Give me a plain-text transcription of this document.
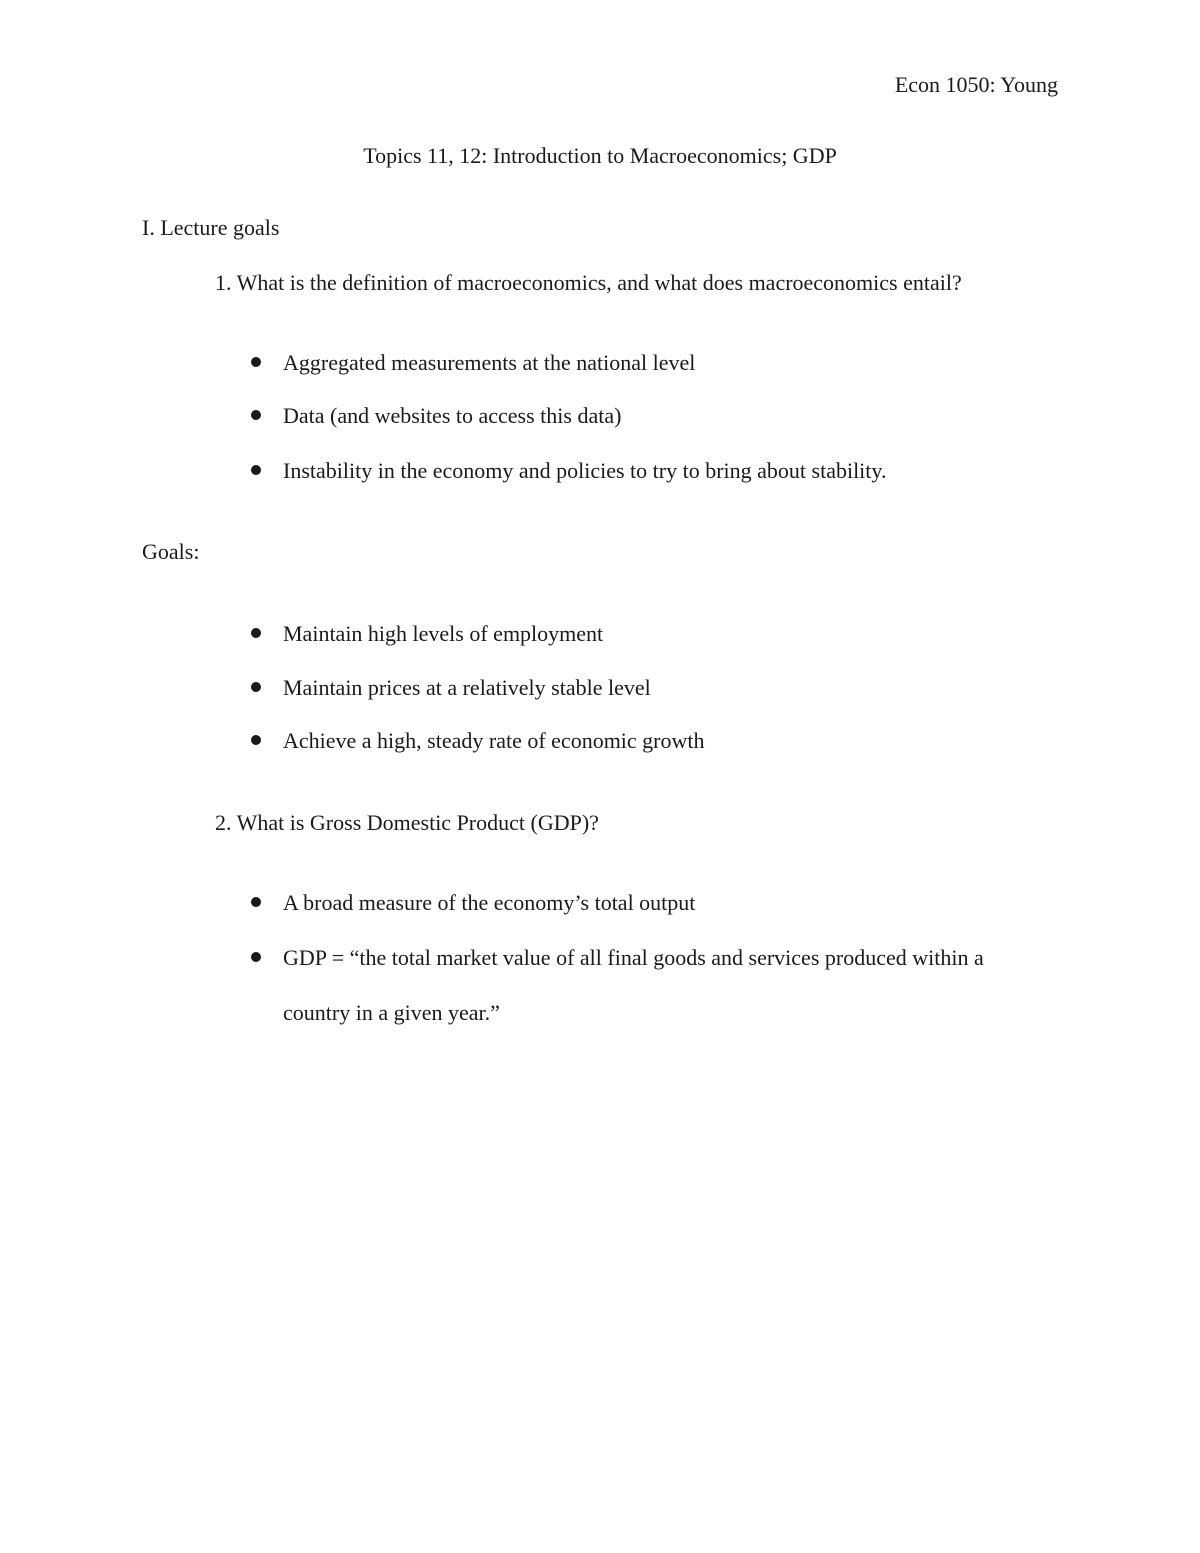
Econ 1050: Young
Topics 11, 12: Introduction to Macroeconomics; GDP
I. Lecture goals
1. What is the definition of macroeconomics, and what does macroeconomics entail?
Aggregated measurements at the national level
Data (and websites to access this data)
Instability in the economy and policies to try to bring about stability.
Goals:
Maintain high levels of employment
Maintain prices at a relatively stable level
Achieve a high, steady rate of economic growth
2. What is Gross Domestic Product (GDP)?
A broad measure of the economy’s total output
GDP = “the total market value of all final goods and services produced within a
country in a given year.”
